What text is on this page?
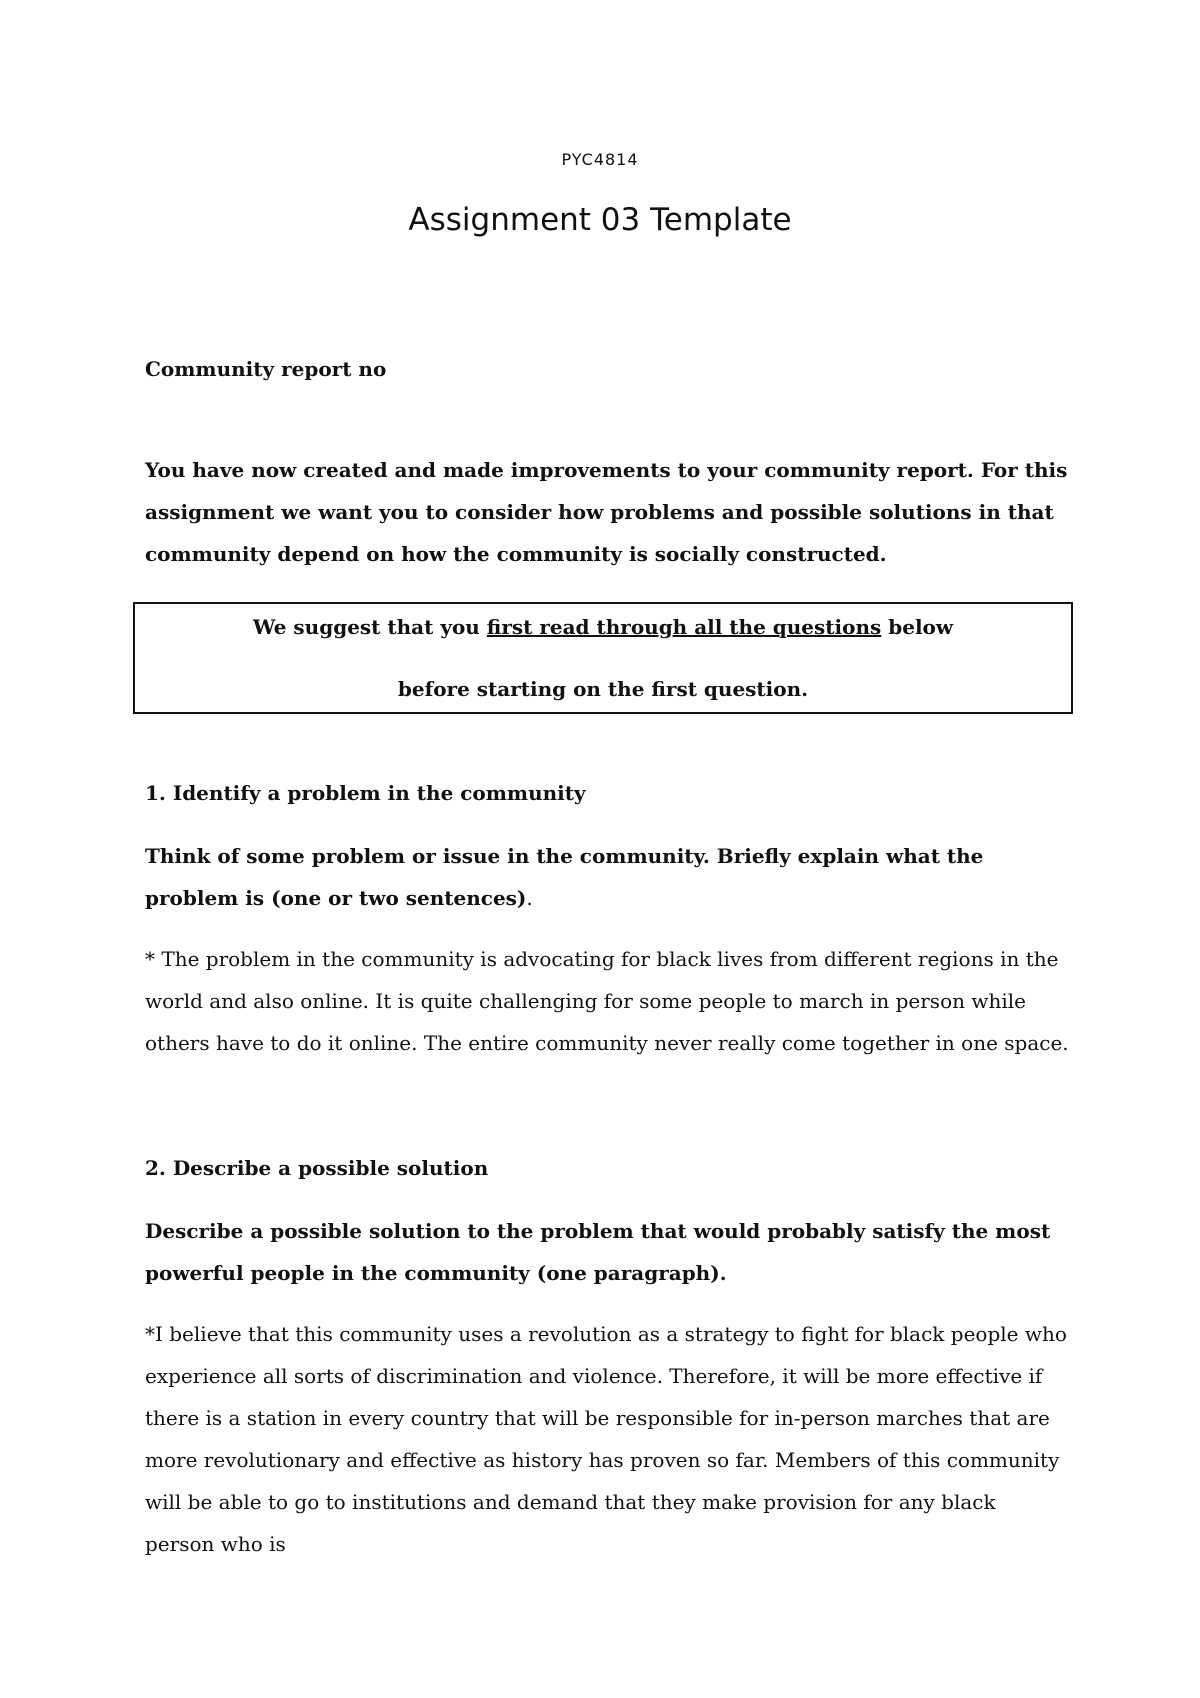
PYC4814
Assignment 03 Template
Community report no
You have now created and made improvements to your community report. For this assignment we want you to consider how problems and possible solutions in that community depend on how the community is socially constructed.
We suggest that you first read through all the questions below
before starting on the first question.
1. Identify a problem in the community
Think of some problem or issue in the community. Briefly explain what the problem is (one or two sentences).
* The problem in the community is advocating for black lives from different regions in the world and also online. It is quite challenging for some people to march in person while others have to do it online. The entire community never really come together in one space.
2. Describe a possible solution
Describe a possible solution to the problem that would probably satisfy the most powerful people in the community (one paragraph).
*I believe that this community uses a revolution as a strategy to fight for black people who experience all sorts of discrimination and violence. Therefore, it will be more effective if there is a station in every country that will be responsible for in-person marches that are more revolutionary and effective as history has proven so far. Members of this community will be able to go to institutions and demand that they make provision for any black person who is
